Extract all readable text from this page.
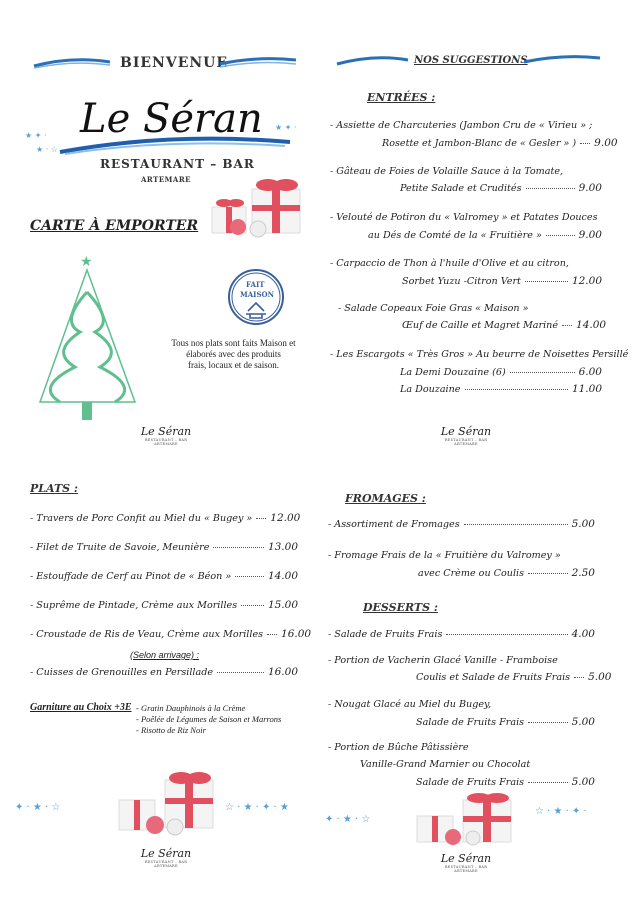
BIENVENUE
Le Séran
★ ✦ ·
★ · ☆
★ ✦ ·
RESTAURANT – BAR
ARTEMARE
CARTE À EMPORTER
★
FAIT
MAISON
Tous nos plats sont faits Maison et
élaborés avec des produits
frais, locaux et de saison.
NOS SUGGESTIONS
ENTRÉES :
- Assiette de Charcuteries (Jambon Cru de « Virieu » ;
Rosette et Jambon-Blanc de « Gesler » ) 9.00
- Gâteau de Foies de Volaille Sauce à la Tomate,
Petite Salade et Crudités	9.00
- Velouté de Potiron du « Valromey » et Patates Douces
au Dés de Comté de la « Fruitière »	9.00
- Carpaccio de Thon à l'huile d'Olive et au citron,
Sorbet Yuzu -Citron Vert	12.00
- Salade Copeaux Foie Gras « Maison »
Œuf de Caille et Magret Mariné 14.00
- Les Escargots « Très Gros » Au beurre de Noisettes Persillé
La Demi Douzaine (6)	6.00
La Douzaine	11.00
PLATS :
- Travers de Porc Confit au Miel du « Bugey » 12.00
- Filet de Truite de Savoie, Meunière	13.00
- Estouffade de Cerf au Pinot de « Béon »	14.00
- Suprême de Pintade, Crème aux Morilles	15.00
- Croustade de Ris de Veau, Crème aux Morilles 16.00
- Cuisses de Grenouilles en Persillade	16.00
FROMAGES :
- Assortiment de Fromages	5.00
- Fromage Frais de la « Fruitière du Valromey »
avec Crème ou Coulis	2.50
DESSERTS :
- Salade de Fruits Frais	4.00
- Portion de Vacherin Glacé Vanille - Framboise
Coulis et Salade de Fruits Frais 5.00
- Nougat Glacé au Miel du Bugey,
Salade de Fruits Frais	5.00
- Portion de Bûche Pâtissière
Vanille-Grand Marnier ou Chocolat
Salade de Fruits Frais	5.00
(Selon arrivage) :
Garniture au Choix +3E - Gratin Dauphinois à la Crème
- Poêlée de Légumes de Saison et Marrons
- Risotto de Riz Noir
✦ · ★ · ☆	☆ · ★ · ✦ · ★
✦ · ★ · ☆
☆ · ★ · ✦ ·
Le Séran
RESTAURANT – BAR
ARTEMARE
Le Séran
RESTAURANT – BAR
ARTEMARE
Le Séran
RESTAURANT – BAR
ARTEMARE
Le Séran
RESTAURANT – BAR
ARTEMARE
